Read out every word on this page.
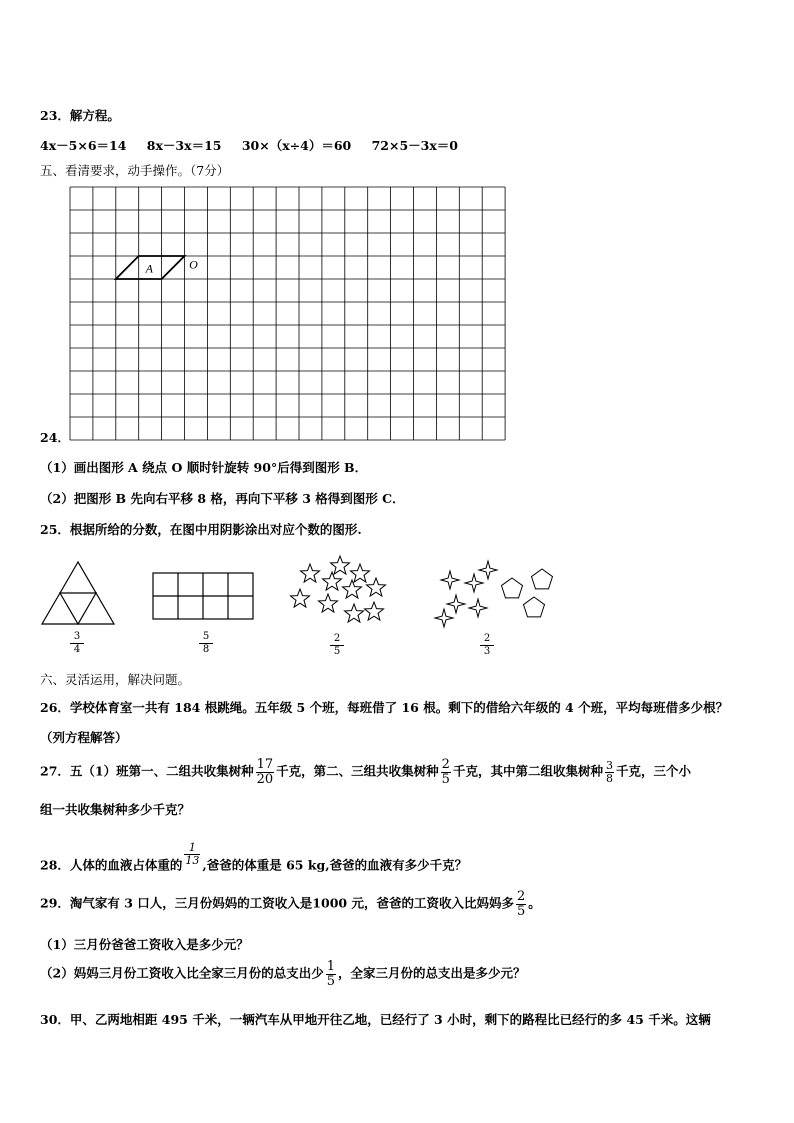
23．解方程。
4x－5×6＝14 8x－3x＝15 30×（x÷4）＝60 72×5－3x＝0
五、看清要求，动手操作。（7分）
A	O
24．
（1）画出图形 A 绕点 O 顺时针旋转 90°后得到图形 B．
（2）把图形 B 先向右平移 8 格，再向下平移 3 格得到图形 C．
25．根据所给的分数，在图中用阴影涂出对应个数的图形.
3
4
5
8
2
5
2
3
六、灵活运用，解决问题。
26．学校体育室一共有 184 根跳绳。五年级 5 个班，每班借了 16 根。剩下的借给六年级的 4 个班，平均每班借多少根？
（列方程解答）
27．五（1）班第一、二组共收集树种 $\frac{17}{20}$ 千克，第二、三组共收集树种 $\frac{2}{5}$ 千克，其中第二组收集树种 $\frac{3}{8}$ 千克，三个小
组一共收集树种多少千克？
28．人体的血液占体重的 $\frac{1}{13}$ ,爸爸的体重是 65 kg,爸爸的血液有多少千克？
29．淘气家有 3 口人，三月份妈妈的工资收入是1000 元，爸爸的工资收入比妈妈多 $\frac{2}{5}$ 。
（1）三月份爸爸工资收入是多少元？
（2）妈妈三月份工资收入比全家三月份的总支出少 $\frac{1}{5}$ ，全家三月份的总支出是多少元？
30．甲、乙两地相距 495 千米，一辆汽车从甲地开往乙地，已经行了 3 小时，剩下的路程比已经行的多 45 千米。这辆
